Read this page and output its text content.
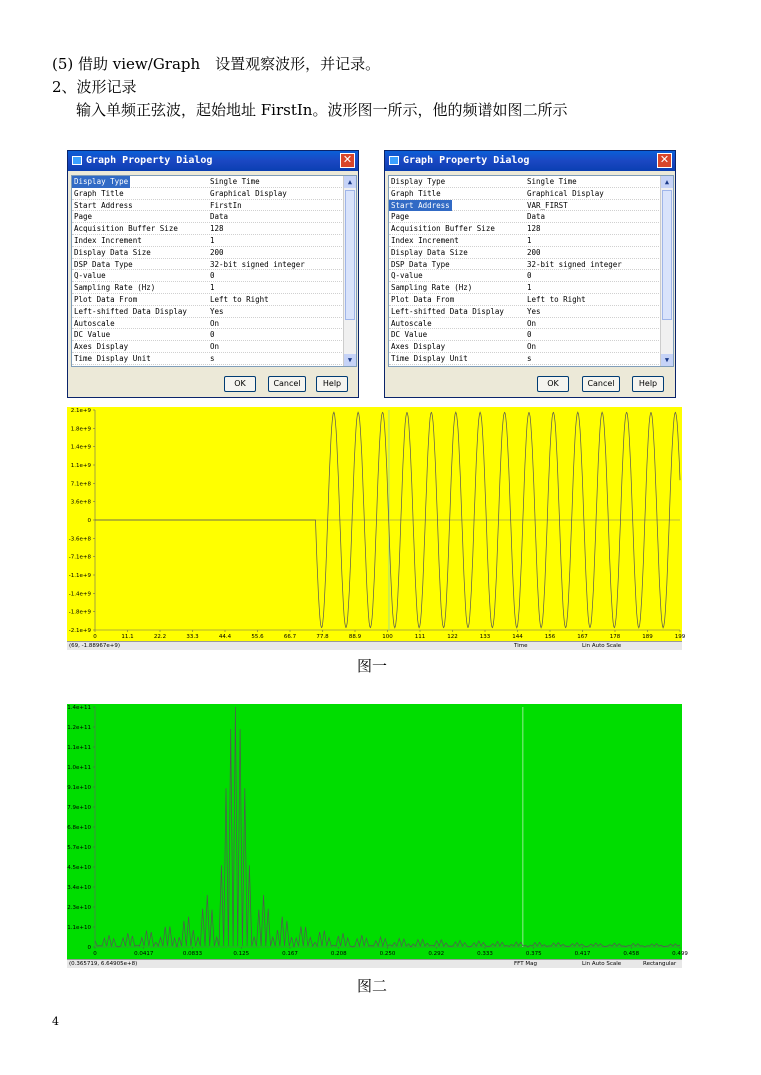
(5) 借助 view/Graph　设置观察波形，并记录。
2、波形记录
输入单频正弦波，起始地址 FirstIn。波形图一所示，他的频谱如图二所示
Graph Property Dialog	✕
Display Type	Single Time
Graph Title	Graphical Display
Start Address	FirstIn
Page	Data
Acquisition Buffer Size	128
Index Increment	1
Display Data Size	200
DSP Data Type	32-bit signed integer
Q-value	0
Sampling Rate (Hz)	1
Plot Data From	Left to Right
Left-shifted Data Display	Yes
Autoscale	On
DC Value	0
Axes Display	On
Time Display Unit	s
▲
▼
OK	Cancel	Help
Graph Property Dialog	✕
Display Type	Single Time
Graph Title	Graphical Display
Start Address	VAR_FIRST
Page	Data
Acquisition Buffer Size	128
Index Increment	1
Display Data Size	200
DSP Data Type	32-bit signed integer
Q-value	0
Sampling Rate (Hz)	1
Plot Data From	Left to Right
Left-shifted Data Display	Yes
Autoscale	On
DC Value	0
Axes Display	On
Time Display Unit	s
▲
▼
OK	Cancel	Help
2.1e+9
1.8e+9
1.4e+9
1.1e+9
7.1e+8
3.6e+8
0
-3.6e+8
-7.1e+8
-1.1e+9
-1.4e+9
-1.8e+9
-2.1e+9
0	11.1	22.2	33.3	44.4	55.6	66.7	77.8	88.9	100	111	122	133	144	156	167	178	189	199
(69, -1.88967e+9)	Time	Lin Auto Scale
图一
1.4e+11
1.2e+11
1.1e+11
1.0e+11
9.1e+10
7.9e+10
6.8e+10
5.7e+10
4.5e+10
3.4e+10
2.3e+10
1.1e+10
0
0	0.0417	0.0833	0.125	0.167	0.208	0.250	0.292	0.333	0.375	0.417	0.458	0.499
(0.365719, 6.64905e+8)	FFT Mag	Lin Auto Scale	Rectangular
图二
4
